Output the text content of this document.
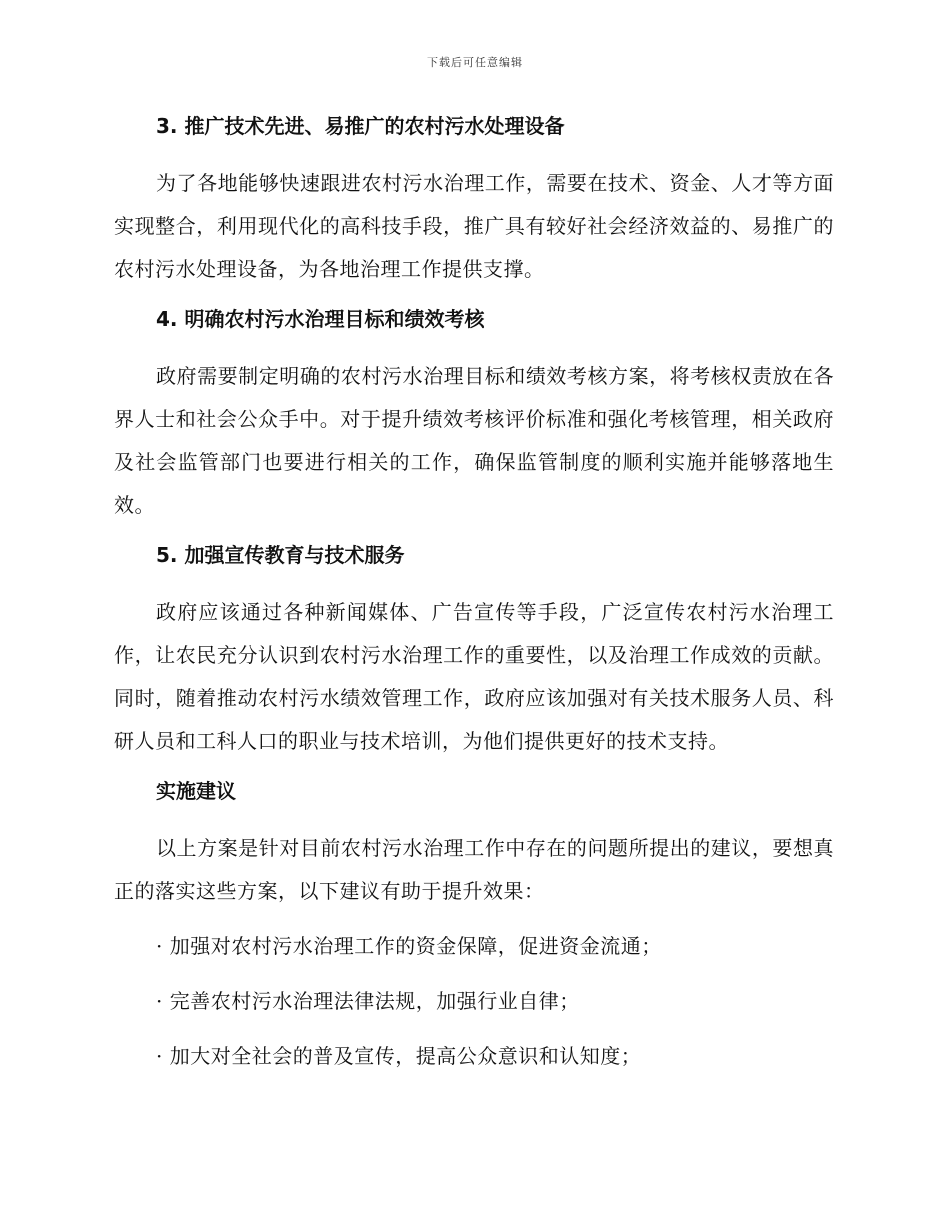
下载后可任意编辑
3. 推广技术先进、易推广的农村污水处理设备
为了各地能够快速跟进农村污水治理工作，需要在技术、资金、人才等方面实现整合，利用现代化的高科技手段，推广具有较好社会经济效益的、易推广的农村污水处理设备，为各地治理工作提供支撑。
4. 明确农村污水治理目标和绩效考核
政府需要制定明确的农村污水治理目标和绩效考核方案，将考核权责放在各界人士和社会公众手中。对于提升绩效考核评价标准和强化考核管理，相关政府及社会监管部门也要进行相关的工作，确保监管制度的顺利实施并能够落地生效。
5. 加强宣传教育与技术服务
政府应该通过各种新闻媒体、广告宣传等手段，广泛宣传农村污水治理工作，让农民充分认识到农村污水治理工作的重要性，以及治理工作成效的贡献。同时，随着推动农村污水绩效管理工作，政府应该加强对有关技术服务人员、科研人员和工科人口的职业与技术培训，为他们提供更好的技术支持。
实施建议
以上方案是针对目前农村污水治理工作中存在的问题所提出的建议，要想真正的落实这些方案，以下建议有助于提升效果：
· 加强对农村污水治理工作的资金保障，促进资金流通；
· 完善农村污水治理法律法规，加强行业自律；
· 加大对全社会的普及宣传，提高公众意识和认知度；
